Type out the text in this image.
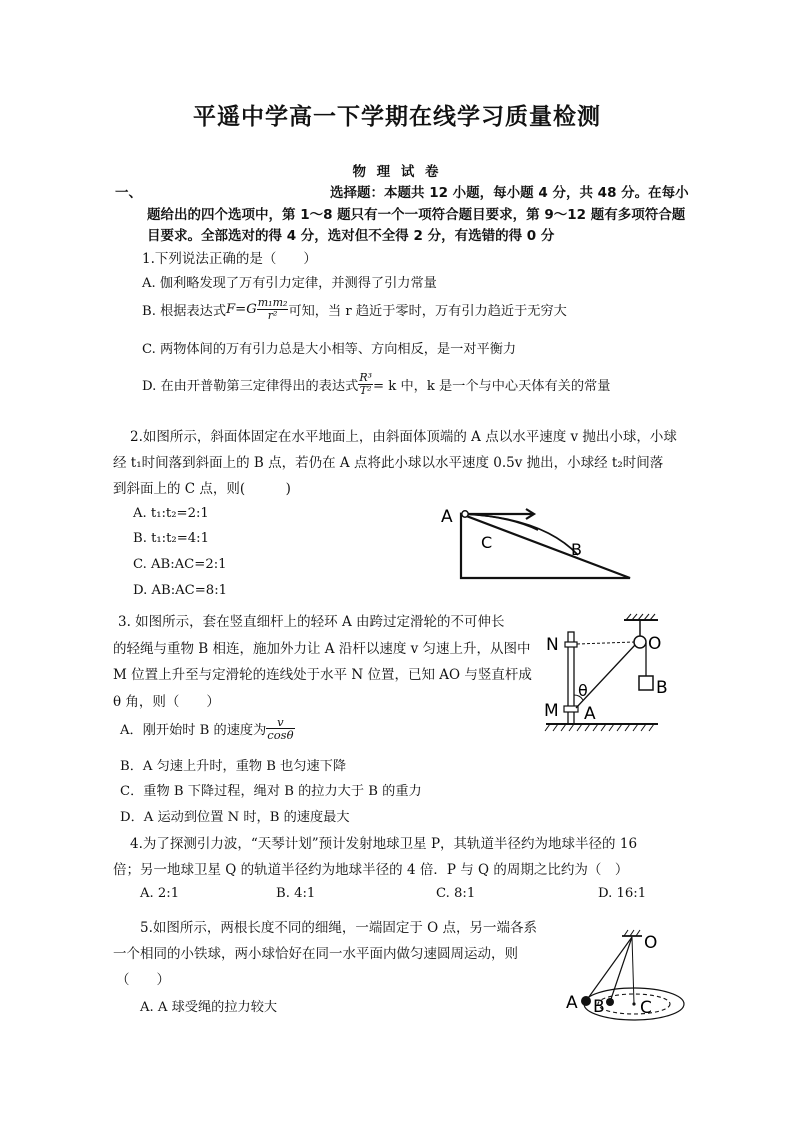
平遥中学高一下学期在线学习质量检测
物 理 试 卷
一、	选择题：本题共 12 小题，每小题 4 分，共 48 分。在每小
题给出的四个选项中，第 1～8 题只有一个一项符合题目要求，第 9～12 题有多项符合题
目要求。全部选对的得 4 分，选对但不全得 2 分，有选错的得 0 分
1.下列说法正确的是（　　）
A. 伽利略发现了万有引力定律，并测得了引力常量
B. 根据表达式 $F=G \frac{\text{m₁m₂}}{\text{r²}}$ 可知，当 r 趋近于零时，万有引力趋近于无穷大
C. 两物体间的万有引力总是大小相等、方向相反，是一对平衡力
D. 在由开普勒第三定律得出的表达式 $\frac{\text{R³}}{\text{T²}} = k$ 中，k 是一个与中心天体有关的常量
2.如图所示，斜面体固定在水平地面上，由斜面体顶端的 A 点以水平速度 v 抛出小球，小球
经 t₁时间落到斜面上的 B 点，若仍在 A 点将此小球以水平速度 0.5v 抛出，小球经 t₂时间落
到斜面上的 C 点，则(　　　)
A. t₁:t₂=2:1
B. t₁:t₂=4:1
C. AB:AC=2:1
D. AB:AC=8:1
A
C	B
3. 如图所示，套在竖直细杆上的轻环 A 由跨过定滑轮的不可伸长
的轻绳与重物 B 相连，施加外力让 A 沿杆以速度 v 匀速上升，从图中
M 位置上升至与定滑轮的连线处于水平 N 位置，已知 AO 与竖直杆成
θ 角，则（　　）
A．刚开始时 B 的速度为 $\frac{v}{\cos\theta}$
B．A 匀速上升时，重物 B 也匀速下降
C．重物 B 下降过程，绳对 B 的拉力大于 B 的重力
D．A 运动到位置 N 时，B 的速度最大
N	O
B
M A
θ
4.为了探测引力波，“天琴计划”预计发射地球卫星 P，其轨道半径约为地球半径的 16
倍；另一地球卫星 Q 的轨道半径约为地球半径的 4 倍．P 与 Q 的周期之比约为（　）
A. 2:1	B. 4:1	C. 8:1	D. 16:1
5.如图所示，两根长度不同的细绳，一端固定于 O 点，另一端各系
一个相同的小铁球，两小球恰好在同一水平面内做匀速圆周运动，则
（　　）
A. A 球受绳的拉力较大
O
A B C
